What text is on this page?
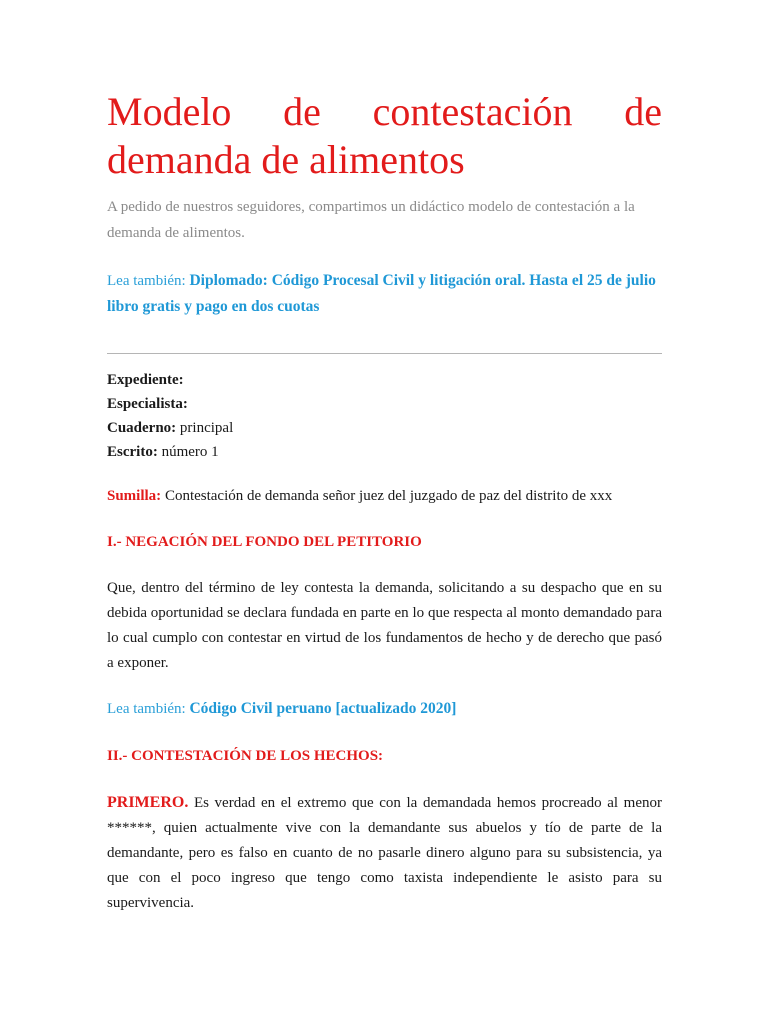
Modelo de contestación de
demanda de alimentos
A pedido de nuestros seguidores, compartimos un didáctico modelo de contestación a la demanda de alimentos.
Lea también: Diplomado: Código Procesal Civil y litigación oral. Hasta el 25 de julio libro gratis y pago en dos cuotas
Expediente:
Especialista:
Cuaderno: principal
Escrito: número 1
Sumilla: Contestación de demanda señor juez del juzgado de paz del distrito de xxx
I.- NEGACIÓN DEL FONDO DEL PETITORIO
Que, dentro del término de ley contesta la demanda, solicitando a su despacho que en su debida oportunidad se declara fundada en parte en lo que respecta al monto demandado para lo cual cumplo con contestar en virtud de los fundamentos de hecho y de derecho que pasó a exponer.
Lea también: Código Civil peruano [actualizado 2020]
II.- CONTESTACIÓN DE LOS HECHOS:
PRIMERO. Es verdad en el extremo que con la demandada hemos procreado al menor ******, quien actualmente vive con la demandante sus abuelos y tío de parte de la demandante, pero es falso en cuanto de no pasarle dinero alguno para su subsistencia, ya que con el poco ingreso que tengo como taxista independiente le asisto para su supervivencia.
